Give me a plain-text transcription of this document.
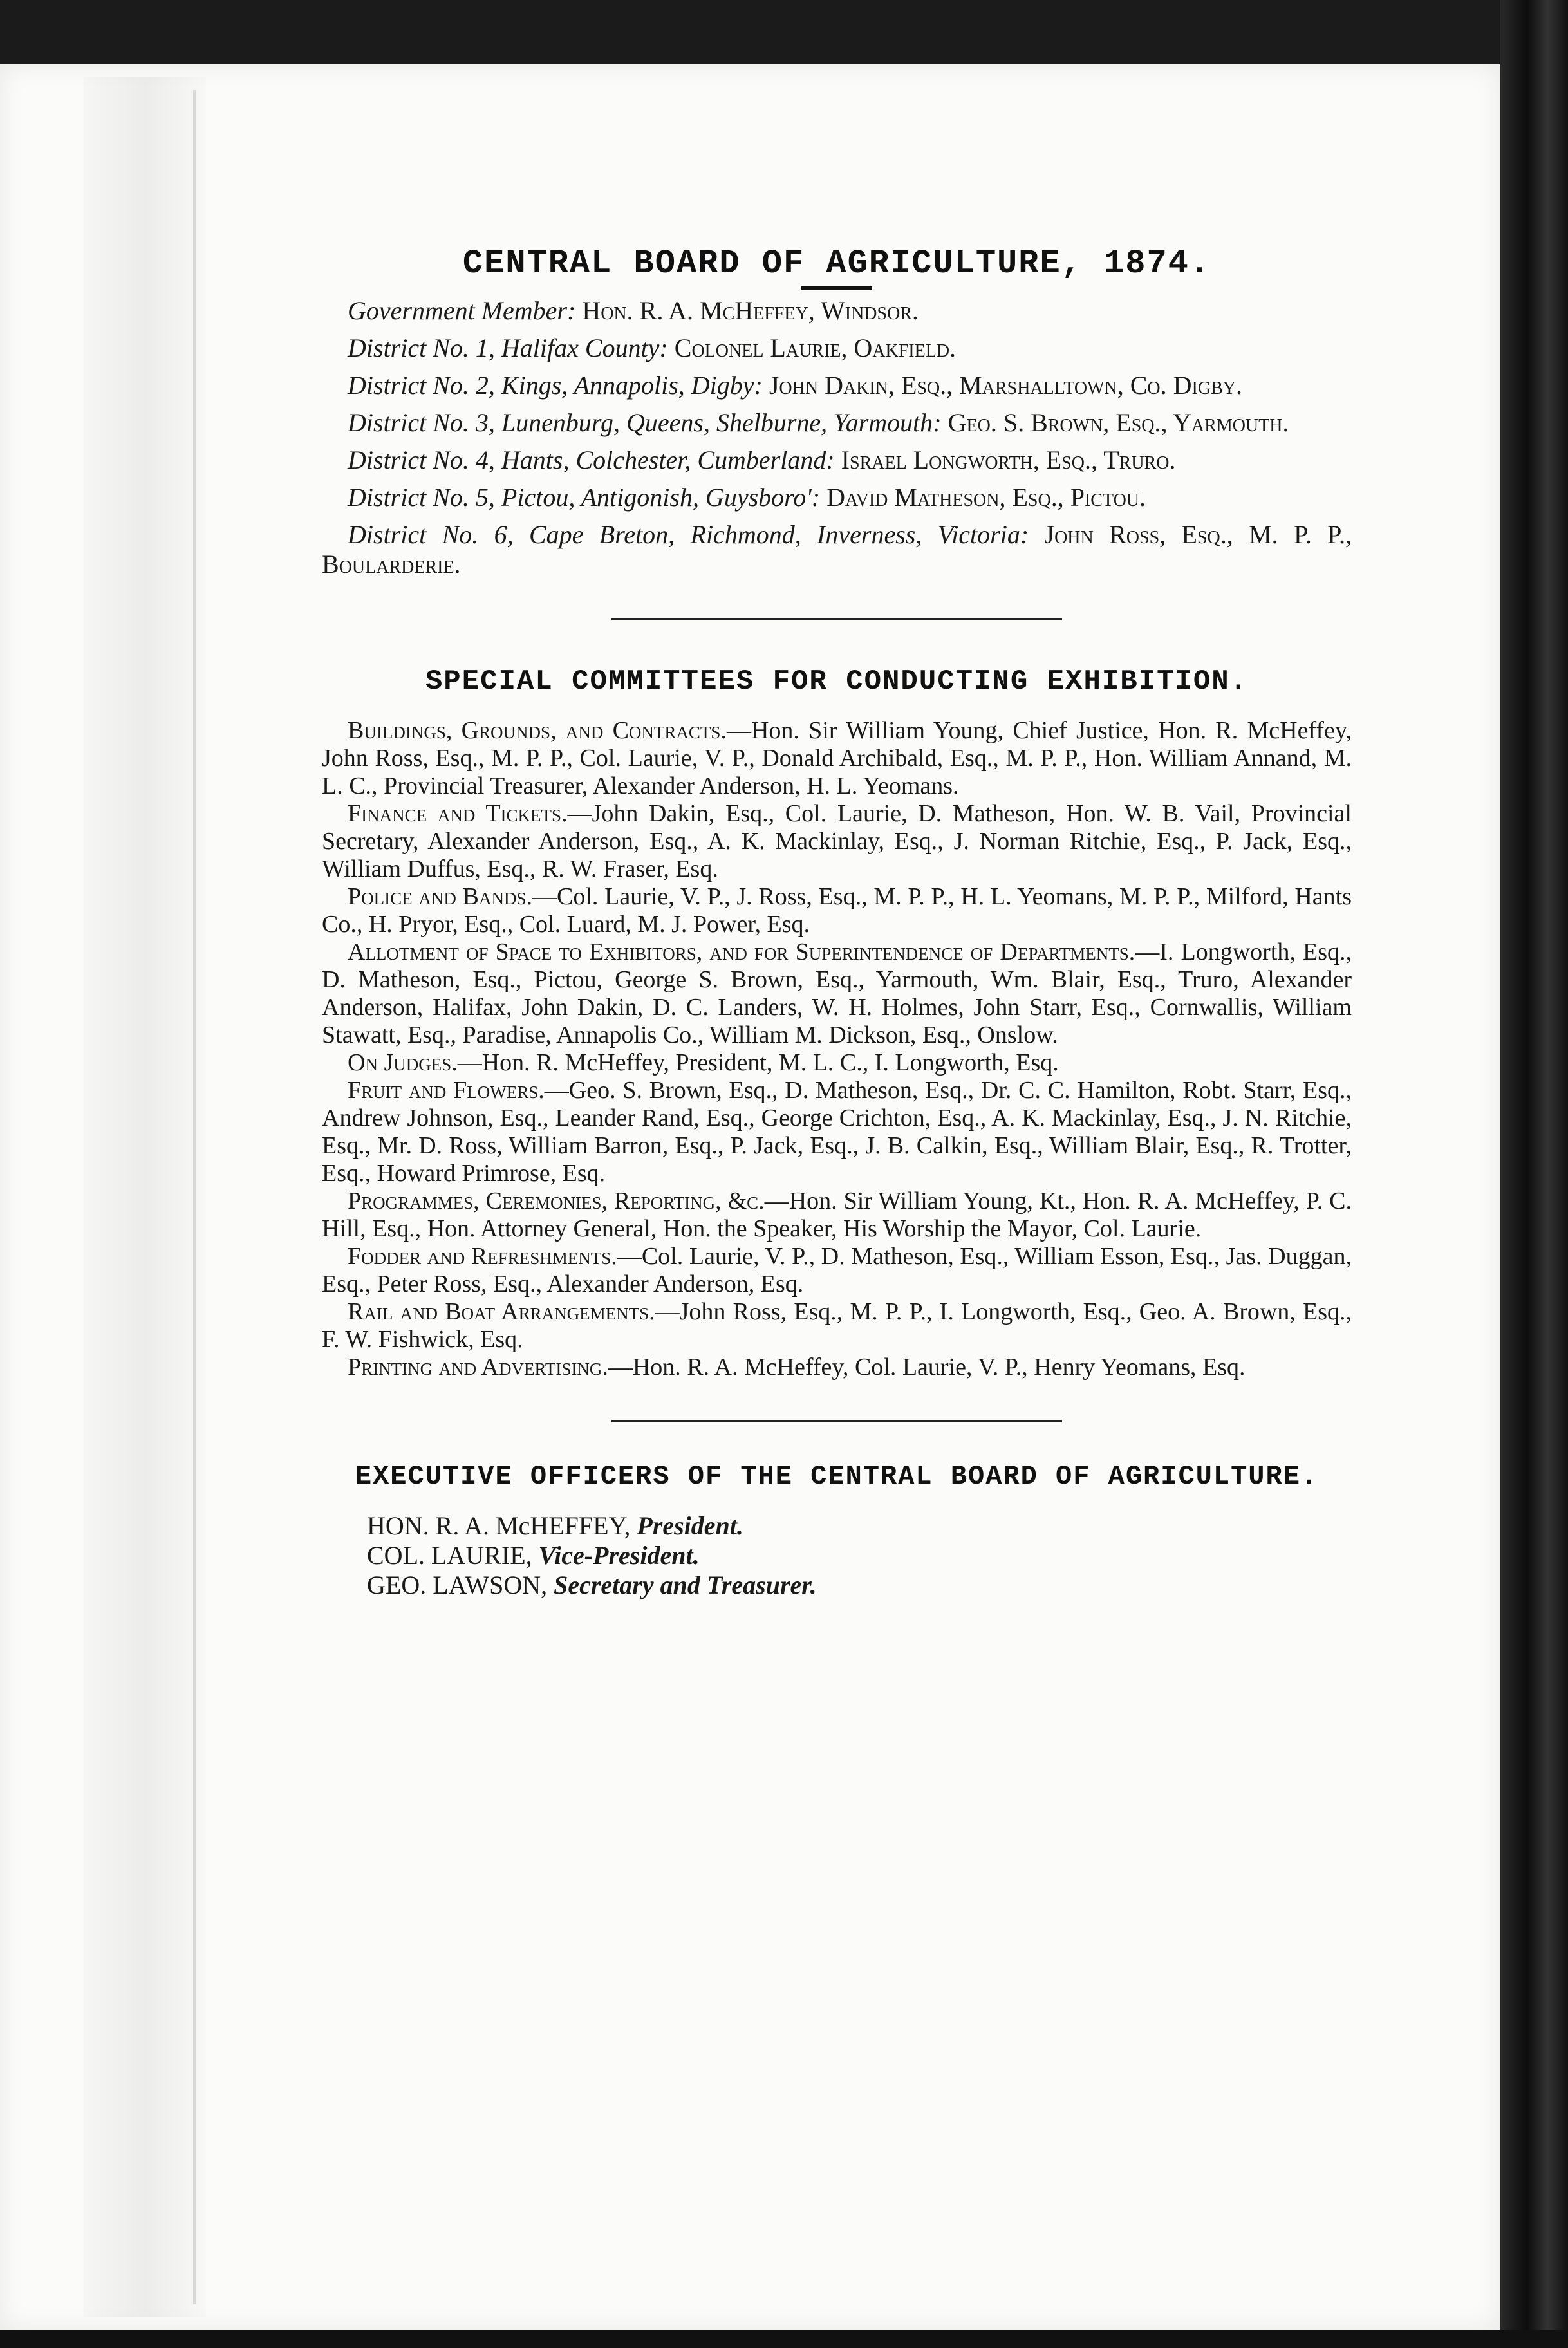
CENTRAL BOARD OF AGRICULTURE, 1874.

Government Member: Hon. R. A. McHeffey, Windsor.

District No. 1, Halifax County: Colonel Laurie, Oakfield.

District No. 2, Kings, Annapolis, Digby: John Dakin, Esq., Marshalltown, Co. Digby.

District No. 3, Lunenburg, Queens, Shelburne, Yarmouth: Geo. S. Brown, Esq., Yarmouth.

District No. 4, Hants, Colchester, Cumberland: Israel Longworth, Esq., Truro.

District No. 5, Pictou, Antigonish, Guysboro': David Matheson, Esq., Pictou.

District No. 6, Cape Breton, Richmond, Inverness, Victoria: John Ross, Esq., M. P. P., Boularderie.

SPECIAL COMMITTEES FOR CONDUCTING EXHIBITION.

Buildings, Grounds, and Contracts.—Hon. Sir William Young, Chief Justice, Hon. R. McHeffey, John Ross, Esq., M. P. P., Col. Laurie, V. P., Donald Archibald, Esq., M. P. P., Hon. William Annand, M. L. C., Provincial Treasurer, Alexander Anderson, H. L. Yeomans.

Finance and Tickets.—John Dakin, Esq., Col. Laurie, D. Matheson, Hon. W. B. Vail, Provincial Secretary, Alexander Anderson, Esq., A. K. Mackinlay, Esq., J. Norman Ritchie, Esq., P. Jack, Esq., William Duffus, Esq., R. W. Fraser, Esq.

Police and Bands.—Col. Laurie, V. P., J. Ross, Esq., M. P. P., H. L. Yeomans, M. P. P., Milford, Hants Co., H. Pryor, Esq., Col. Luard, M. J. Power, Esq.

Allotment of Space to Exhibitors, and for Superintendence of Departments.—I. Longworth, Esq., D. Matheson, Esq., Pictou, George S. Brown, Esq., Yarmouth, Wm. Blair, Esq., Truro, Alexander Anderson, Halifax, John Dakin, D. C. Landers, W. H. Holmes, John Starr, Esq., Cornwallis, William Stawatt, Esq., Paradise, Annapolis Co., William M. Dickson, Esq., Onslow.

On Judges.—Hon. R. McHeffey, President, M. L. C., I. Longworth, Esq.

Fruit and Flowers.—Geo. S. Brown, Esq., D. Matheson, Esq., Dr. C. C. Hamilton, Robt. Starr, Esq., Andrew Johnson, Esq., Leander Rand, Esq., George Crichton, Esq., A. K. Mackinlay, Esq., J. N. Ritchie, Esq., Mr. D. Ross, William Barron, Esq., P. Jack, Esq., J. B. Calkin, Esq., William Blair, Esq., R. Trotter, Esq., Howard Primrose, Esq.

Programmes, Ceremonies, Reporting, &c.—Hon. Sir William Young, Kt., Hon. R. A. McHeffey, P. C. Hill, Esq., Hon. Attorney General, Hon. the Speaker, His Worship the Mayor, Col. Laurie.

Fodder and Refreshments.—Col. Laurie, V. P., D. Matheson, Esq., William Esson, Esq., Jas. Duggan, Esq., Peter Ross, Esq., Alexander Anderson, Esq.

Rail and Boat Arrangements.—John Ross, Esq., M. P. P., I. Longworth, Esq., Geo. A. Brown, Esq., F. W. Fishwick, Esq.

Printing and Advertising.—Hon. R. A. McHeffey, Col. Laurie, V. P., Henry Yeomans, Esq.

EXECUTIVE OFFICERS OF THE CENTRAL BOARD OF AGRICULTURE.

HON. R. A. McHEFFEY, President.

COL. LAURIE, Vice-President.

GEO. LAWSON, Secretary and Treasurer.
